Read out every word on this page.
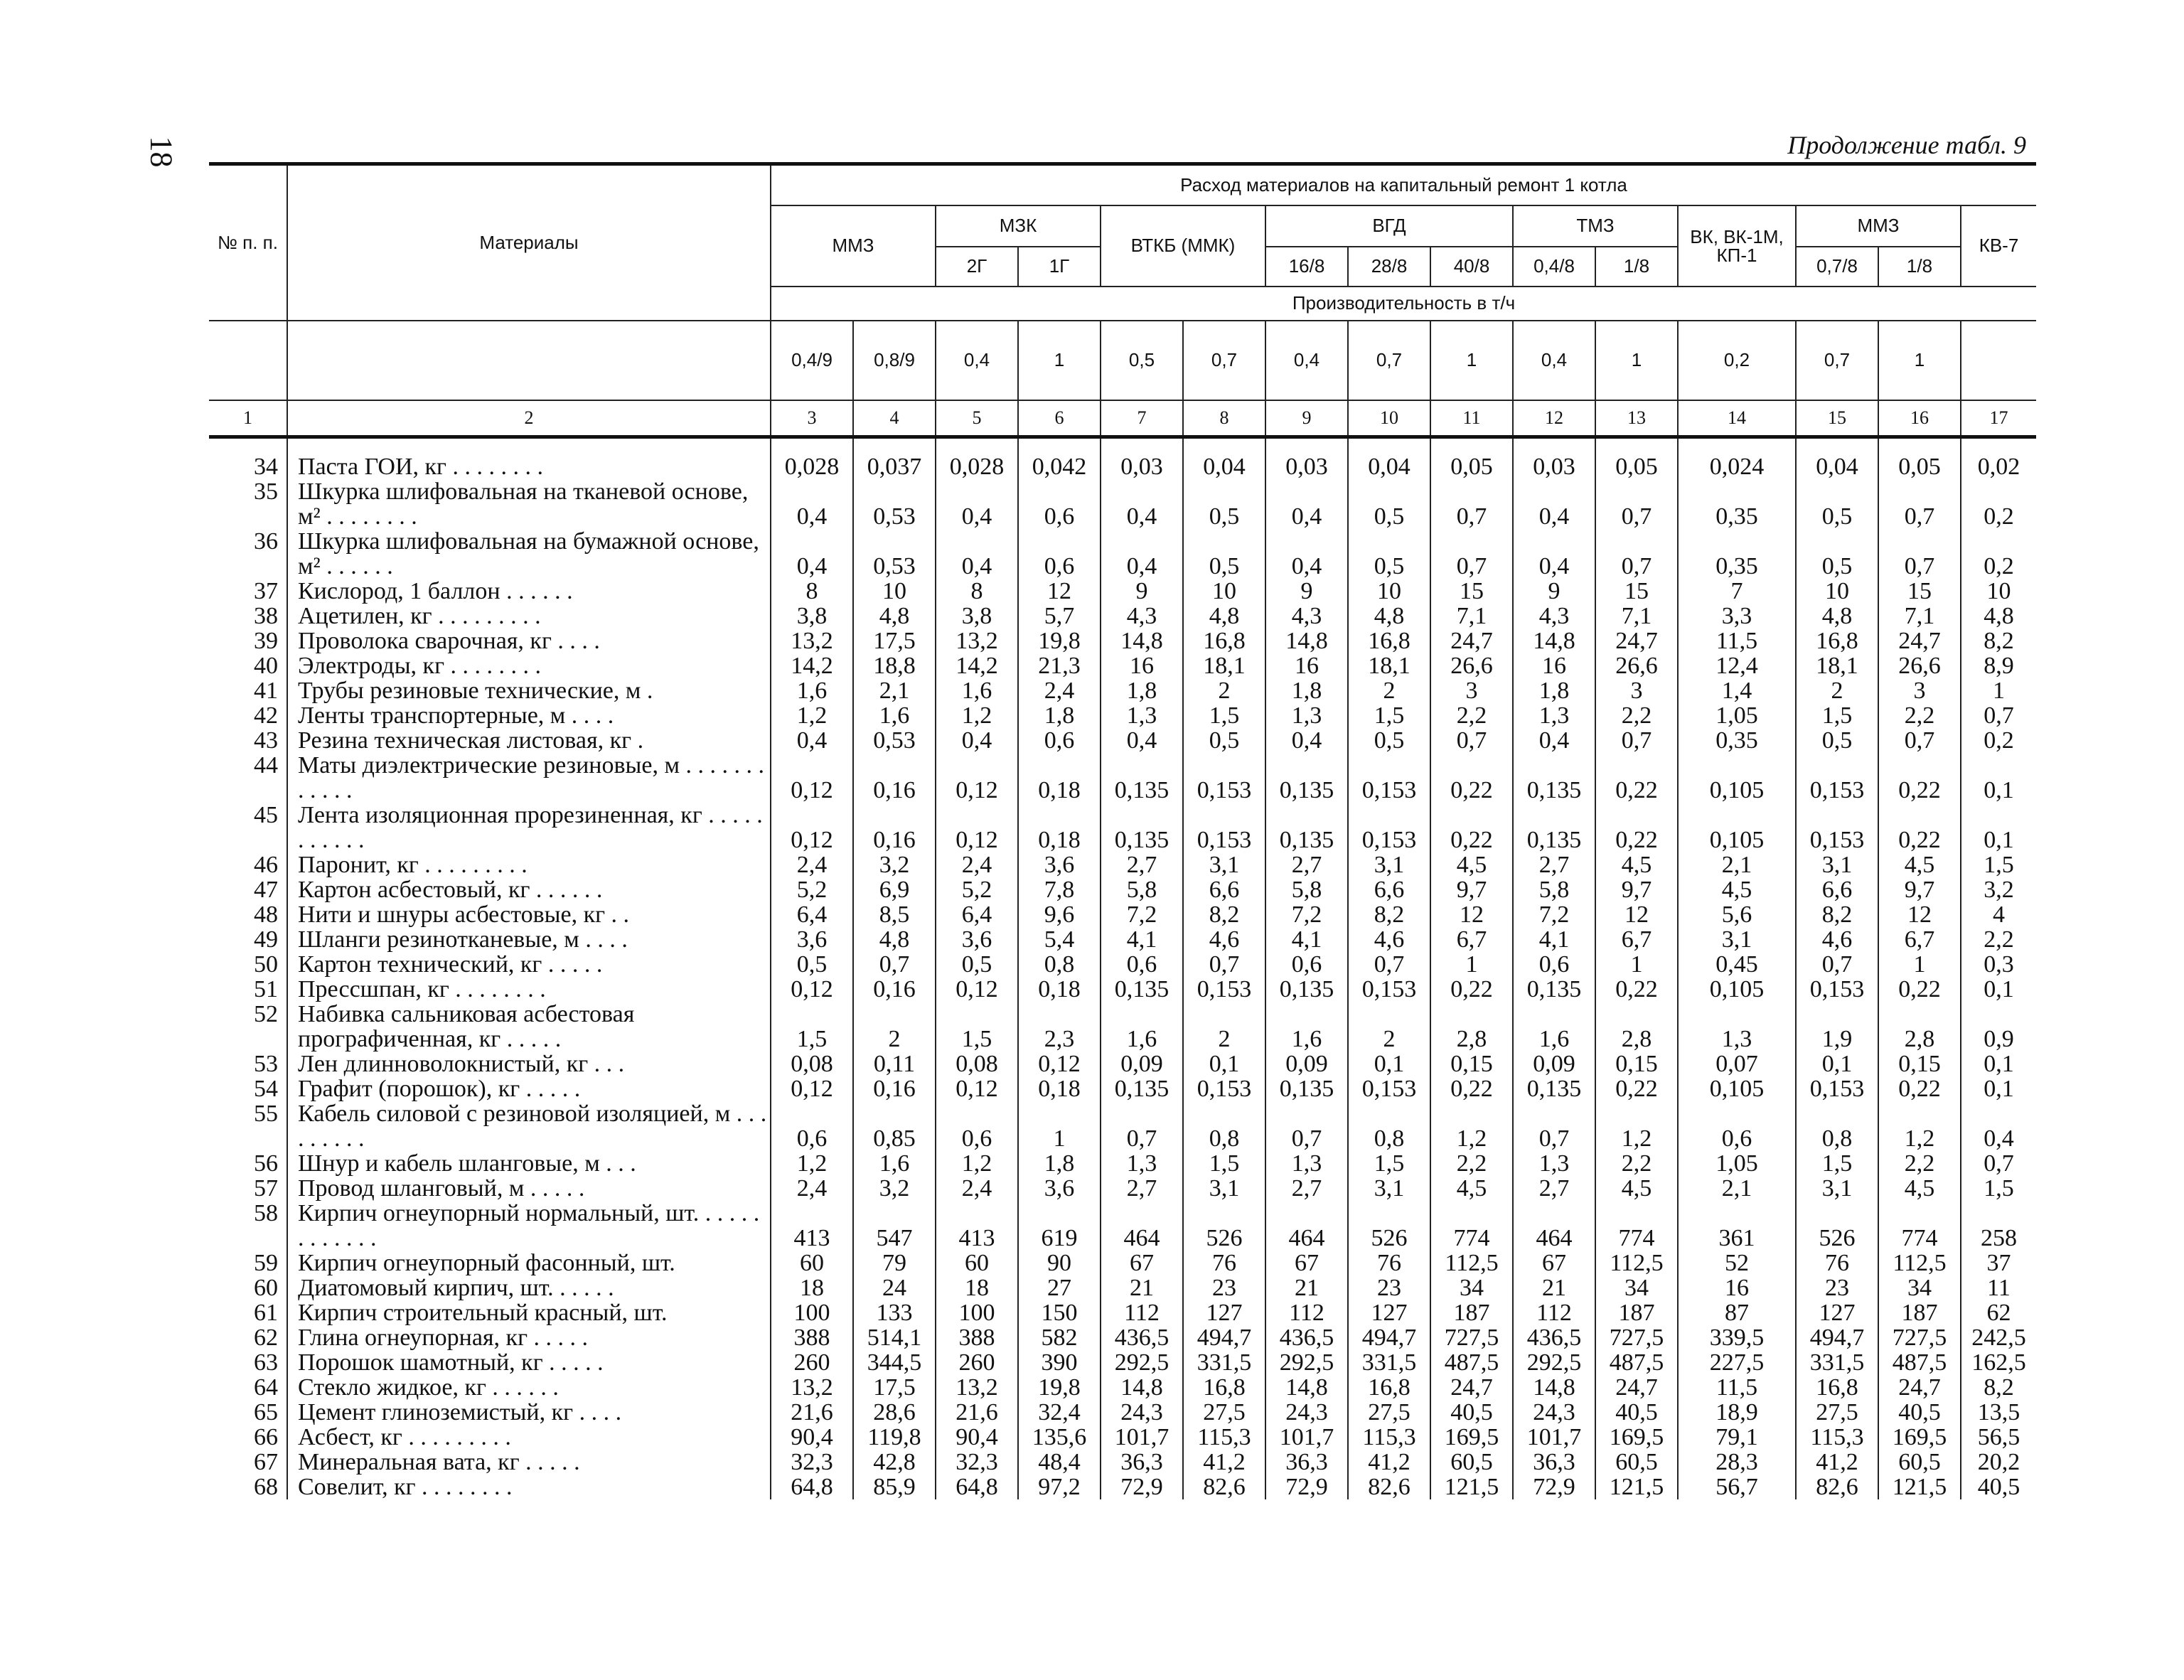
18	Продолжение табл. 9
№ п. п.	Материалы	Расход материалов на капитальный ремонт 1 котла														
		ММЗ		МЗК		ВТКБ (ММК)		ВГД			ТМЗ		ВК, ВК-1М, КП-1	ММЗ		КВ-7
				2Г	1Г			16/8	28/8	40/8	0,4/8	1/8		0,7/8	1/8	
		Производительность в т/ч														
		0,4/9	0,8/9	0,4	1	0,5	0,7	0,4	0,7	1	0,4	1	0,2	0,7	1	
1	2	3	4	5	6	7	8	9	10	11	12	13	14	15	16	17
34	Паста ГОИ, кг . . . . . . . .	0,028	0,037	0,028	0,042	0,03	0,04	0,03	0,04	0,05	0,03	0,05	0,024	0,04	0,05	0,02
35	Шкурка шлифовальная на тканевой основе, м² . . . . . . . .	0,4	0,53	0,4	0,6	0,4	0,5	0,4	0,5	0,7	0,4	0,7	0,35	0,5	0,7	0,2
36	Шкурка шлифовальная на бумажной основе, м² . . . . . .	0,4	0,53	0,4	0,6	0,4	0,5	0,4	0,5	0,7	0,4	0,7	0,35	0,5	0,7	0,2
37	Кислород, 1 баллон . . . . . .	8	10	8	12	9	10	9	10	15	9	15	7	10	15	10
38	Ацетилен, кг . . . . . . . . .	3,8	4,8	3,8	5,7	4,3	4,8	4,3	4,8	7,1	4,3	7,1	3,3	4,8	7,1	4,8
39	Проволока сварочная, кг . . . .	13,2	17,5	13,2	19,8	14,8	16,8	14,8	16,8	24,7	14,8	24,7	11,5	16,8	24,7	8,2
40	Электроды, кг . . . . . . . .	14,2	18,8	14,2	21,3	16	18,1	16	18,1	26,6	16	26,6	12,4	18,1	26,6	8,9
41	Трубы резиновые технические, м .	1,6	2,1	1,6	2,4	1,8	2	1,8	2	3	1,8	3	1,4	2	3	1
42	Ленты транспортерные, м . . . .	1,2	1,6	1,2	1,8	1,3	1,5	1,3	1,5	2,2	1,3	2,2	1,05	1,5	2,2	0,7
43	Резина техническая листовая, кг .	0,4	0,53	0,4	0,6	0,4	0,5	0,4	0,5	0,7	0,4	0,7	0,35	0,5	0,7	0,2
44	Маты диэлектрические резиновые, м . . . . . . . . . . . .	0,12	0,16	0,12	0,18	0,135	0,153	0,135	0,153	0,22	0,135	0,22	0,105	0,153	0,22	0,1
45	Лента изоляционная прорезиненная, кг . . . . . . . . . . .	0,12	0,16	0,12	0,18	0,135	0,153	0,135	0,153	0,22	0,135	0,22	0,105	0,153	0,22	0,1
46	Паронит, кг . . . . . . . . .	2,4	3,2	2,4	3,6	2,7	3,1	2,7	3,1	4,5	2,7	4,5	2,1	3,1	4,5	1,5
47	Картон асбестовый, кг . . . . . .	5,2	6,9	5,2	7,8	5,8	6,6	5,8	6,6	9,7	5,8	9,7	4,5	6,6	9,7	3,2
48	Нити и шнуры асбестовые, кг . .	6,4	8,5	6,4	9,6	7,2	8,2	7,2	8,2	12	7,2	12	5,6	8,2	12	4
49	Шланги резинотканевые, м . . . .	3,6	4,8	3,6	5,4	4,1	4,6	4,1	4,6	6,7	4,1	6,7	3,1	4,6	6,7	2,2
50	Картон технический, кг . . . . .	0,5	0,7	0,5	0,8	0,6	0,7	0,6	0,7	1	0,6	1	0,45	0,7	1	0,3
51	Прессшпан, кг . . . . . . . .	0,12	0,16	0,12	0,18	0,135	0,153	0,135	0,153	0,22	0,135	0,22	0,105	0,153	0,22	0,1
52	Набивка сальниковая асбестовая прографиченная, кг . . . . .	1,5	2	1,5	2,3	1,6	2	1,6	2	2,8	1,6	2,8	1,3	1,9	2,8	0,9
53	Лен длинноволокнистый, кг . . .	0,08	0,11	0,08	0,12	0,09	0,1	0,09	0,1	0,15	0,09	0,15	0,07	0,1	0,15	0,1
54	Графит (порошок), кг . . . . .	0,12	0,16	0,12	0,18	0,135	0,153	0,135	0,153	0,22	0,135	0,22	0,105	0,153	0,22	0,1
55	Кабель силовой с резиновой изоляцией, м . . . . . . . . .	0,6	0,85	0,6	1	0,7	0,8	0,7	0,8	1,2	0,7	1,2	0,6	0,8	1,2	0,4
56	Шнур и кабель шланговые, м . . .	1,2	1,6	1,2	1,8	1,3	1,5	1,3	1,5	2,2	1,3	2,2	1,05	1,5	2,2	0,7
57	Провод шланговый, м . . . . .	2,4	3,2	2,4	3,6	2,7	3,1	2,7	3,1	4,5	2,7	4,5	2,1	3,1	4,5	1,5
58	Кирпич огнеупорный нормальный, шт. . . . . . . . . . . . .	413	547	413	619	464	526	464	526	774	464	774	361	526	774	258
59	Кирпич огнеупорный фасонный, шт.	60	79	60	90	67	76	67	76	112,5	67	112,5	52	76	112,5	37
60	Диатомовый кирпич, шт. . . . . .	18	24	18	27	21	23	21	23	34	21	34	16	23	34	11
61	Кирпич строительный красный, шт.	100	133	100	150	112	127	112	127	187	112	187	87	127	187	62
62	Глина огнеупорная, кг . . . . .	388	514,1	388	582	436,5	494,7	436,5	494,7	727,5	436,5	727,5	339,5	494,7	727,5	242,5
63	Порошок шамотный, кг . . . . .	260	344,5	260	390	292,5	331,5	292,5	331,5	487,5	292,5	487,5	227,5	331,5	487,5	162,5
64	Стекло жидкое, кг . . . . . .	13,2	17,5	13,2	19,8	14,8	16,8	14,8	16,8	24,7	14,8	24,7	11,5	16,8	24,7	8,2
65	Цемент глиноземистый, кг . . . .	21,6	28,6	21,6	32,4	24,3	27,5	24,3	27,5	40,5	24,3	40,5	18,9	27,5	40,5	13,5
66	Асбест, кг . . . . . . . . .	90,4	119,8	90,4	135,6	101,7	115,3	101,7	115,3	169,5	101,7	169,5	79,1	115,3	169,5	56,5
67	Минеральная вата, кг . . . . .	32,3	42,8	32,3	48,4	36,3	41,2	36,3	41,2	60,5	36,3	60,5	28,3	41,2	60,5	20,2
68	Совелит, кг . . . . . . . .	64,8	85,9	64,8	97,2	72,9	82,6	72,9	82,6	121,5	72,9	121,5	56,7	82,6	121,5	40,5
